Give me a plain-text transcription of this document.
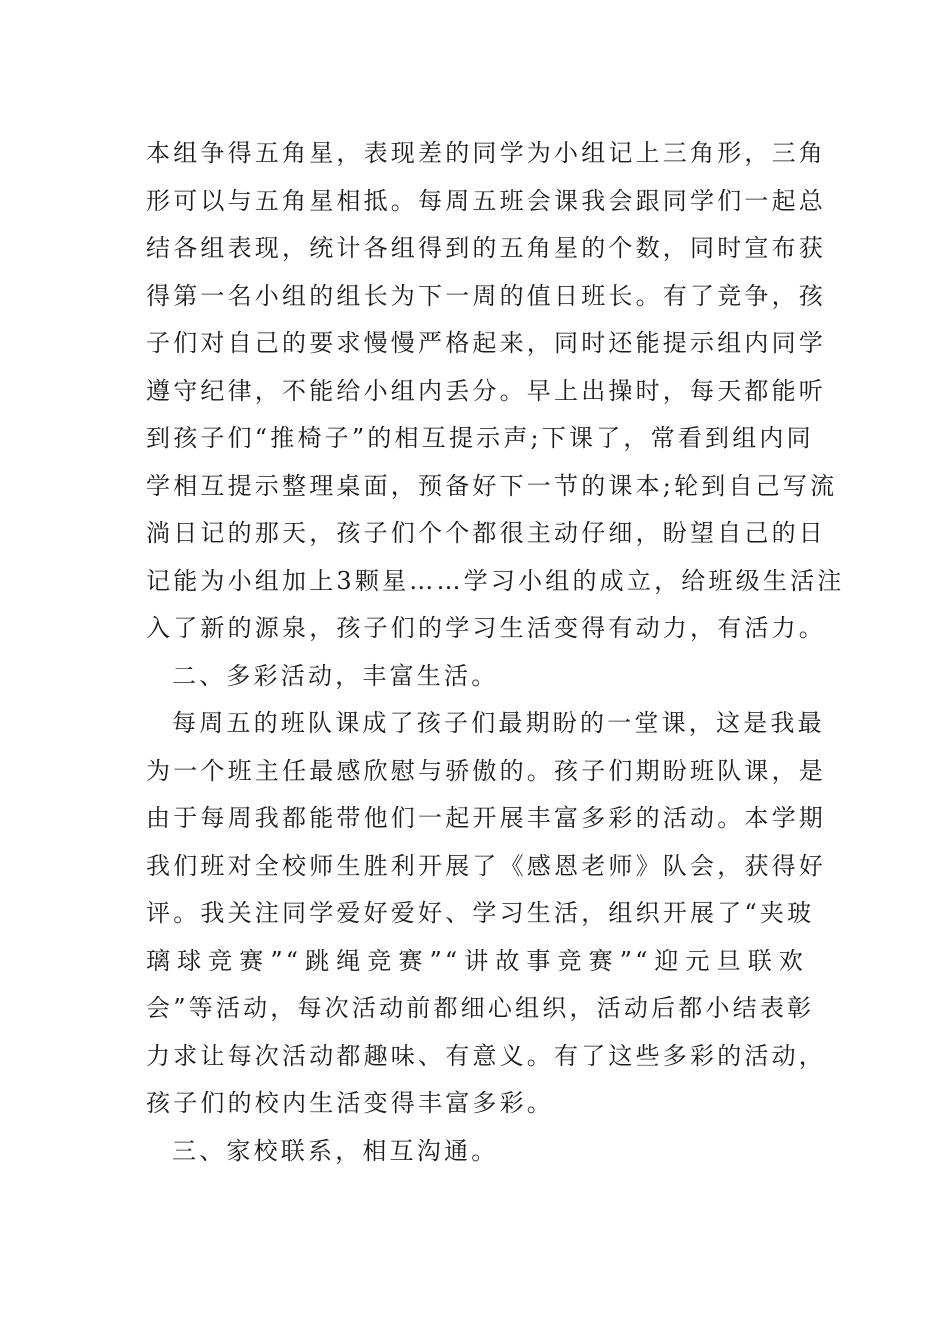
本组争得五角星，表现差的同学为小组记上三角形，三角
形可以与五角星相抵。每周五班会课我会跟同学们一起总
结各组表现，统计各组得到的五角星的个数，同时宣布获
得第一名小组的组长为下一周的值日班长。有了竞争，孩
子们对自己的要求慢慢严格起来，同时还能提示组内同学
遵守纪律，不能给小组内丢分。早上出操时，每天都能听
到孩子们“推椅子”的相互提示声;下课了，常看到组内同
学相互提示整理桌面，预备好下一节的课本;轮到自己写流
淌日记的那天，孩子们个个都很主动仔细，盼望自己的日
记能为小组加上3颗星……学习小组的成立，给班级生活注
入了新的源泉，孩子们的学习生活变得有动力，有活力。
二、多彩活动，丰富生活。
每周五的班队课成了孩子们最期盼的一堂课，这是我最
为一个班主任最感欣慰与骄傲的。孩子们期盼班队课，是
由于每周我都能带他们一起开展丰富多彩的活动。本学期
我们班对全校师生胜利开展了《感恩老师》队会，获得好
评。我关注同学爱好爱好、学习生活，组织开展了“夹玻
璃球竞赛”“跳绳竞赛”“讲故事竞赛”“迎元旦联欢
会”等活动，每次活动前都细心组织，活动后都小结表彰
力求让每次活动都趣味、有意义。有了这些多彩的活动，
孩子们的校内生活变得丰富多彩。
三、家校联系，相互沟通。
